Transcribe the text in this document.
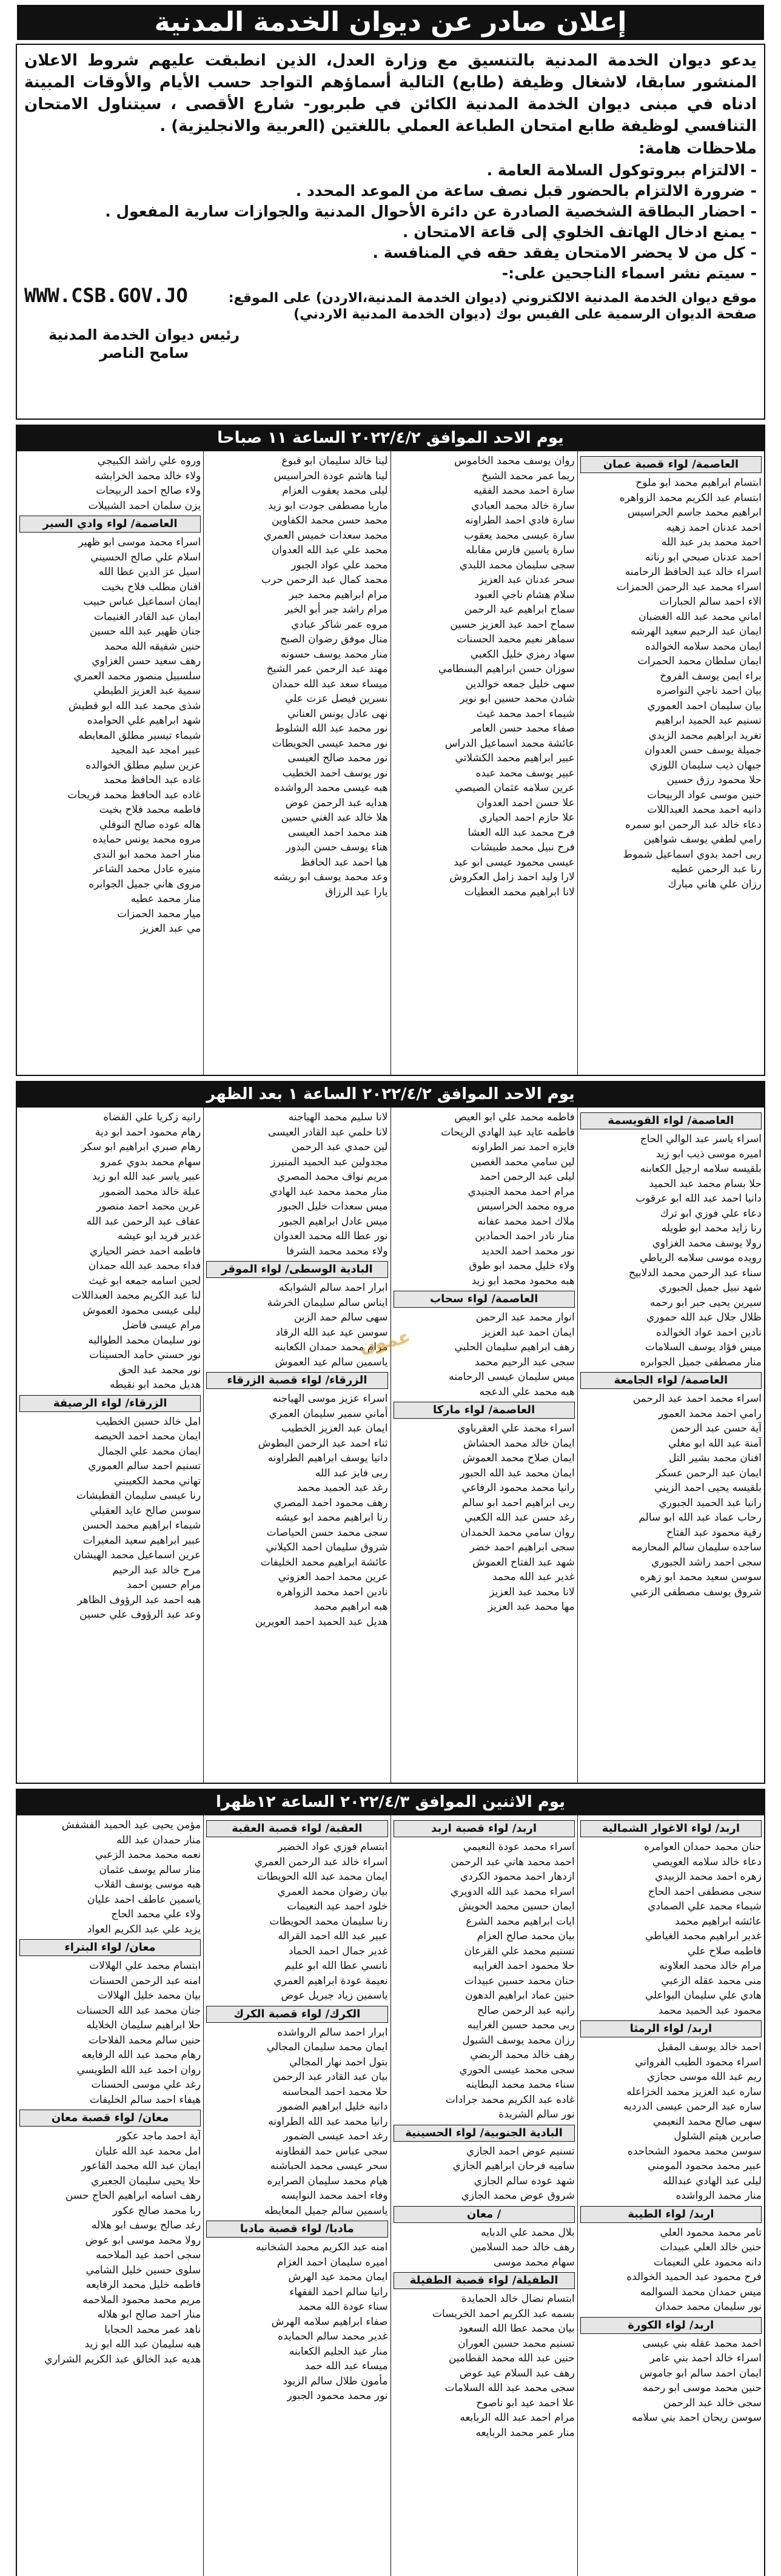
إعلان صادر عن ديوان الخدمة المدنية

يدعو ديوان الخدمة المدنية بالتنسيق مع وزارة العدل، الذين انطبقت عليهم شروط الاعلان المنشور سابقا، لاشغال وظيفة (طابع) التالية أسماؤهم التواجد حسب الأيام والأوقات المبينة ادناه في مبنى ديوان الخدمة المدنية الكائن في طبربور- شارع الأقصى ، سيتناول الامتحان التنافسي لوظيفة طابع امتحان الطباعة العملي باللغتين (العربية والانجليزية) .

ملاحظات هامة:
- الالتزام ببروتوكول السلامة العامة .
- ضرورة الالتزام بالحضور قبل نصف ساعة من الموعد المحدد .
- احضار البطاقة الشخصية الصادرة عن دائرة الأحوال المدنية والجوازات سارية المفعول .
- يمنع ادخال الهاتف الخلوي إلى قاعة الامتحان .
- كل من لا يحضر الامتحان يفقد حقه في المنافسة .
- سيتم نشر اسماء الناجحين على:-
موقع ديوان الخدمة المدنية الالكتروني (ديوان الخدمة المدنية،الاردن) على الموقع:
WWW.CSB.GOV.JO
صفحة الديوان الرسمية على الفيس بوك (ديوان الخدمة المدنية الاردني)
رئيس ديوان الخدمة المدنية
سامح الناصر
يوم الاحد الموافق ٢٠٢٢/٤/٢ الساعة ١١ صباحا
العاصمة/ لواء قصبة عمان
ابتسام ابراهيم محمد ابو ملوح
ابتسام عبد الكريم محمد الزواهره
ابراهيم محمد جاسم الحراسيس
احمد عدنان احمد زهيه
احمد محمد بدر عبد الله
احمد عدنان صبحي ابو رنانه
اسراء خالد عبد الحافظ الرحامنه
اسراء محمد عبد الرحمن الحمزات
الاء احمد سالم الجبارات
اماني محمد عبد الله الغضبان
ايمان عبد الرحيم سعيد الهرشه
ايمان محمد سلامه الخوالده
ايمان سلطان محمد الحمرات
براء ايمن يوسف الفروخ
بيان احمد ناجي النواصره
بيان سليمان احمد العموري
تسنيم عبد الحميد ابراهيم
تغريد ابراهيم محمد الزيدي
جميلة يوسف حسن العدوان
جيهان ذيب سليمان اللوزي
حلا محمود رزق حسين
حنين موسى عواد الربيحات
دانيه احمد محمد العبداللات
دعاء خالد عبد الرحمن ابو سمره
رامي لطفي يوسف شواهين
ربى احمد بدوي اسماعيل شموط
رنا عبد الرحمن عطيه
رزان علي هاني مبارك
روان يوسف محمد الخاموس
ريما عمر محمد الشيخ
سارة احمد محمد الفقيه
سارة خالد محمد العبادي
سارة فادي احمد الطراونه
سارة عيسى محمد يعقوب
سارة ياسين فارس مقابله
سجى سليمان محمد اللبدي
سحر عدنان عبد العزيز
سلام هشام ناجي العبود
سماح ابراهيم عبد الرحمن
سماح احمد عبد العزيز حسين
سماهر نعيم محمد الحسنات
سهاد رمزي خليل الكعبي
سوزان حسن ابراهيم البسطامي
سهى خليل جمعه خوالدين
شادن محمد حسين ابو نوير
شيماء احمد محمد غيث
صفاء محمد حسن العامر
عائشة محمد اسماعيل الدراس
عبير ابراهيم محمد الكشلاتي
عبير يوسف محمد عبده
عرين سلامه عثمان الصيصي
علا حسن احمد العدوان
علا حازم احمد الحياري
فرح محمد عبد الله العشا
فرح نبيل محمد طبيشات
عيسى محمود عيسى ابو عيد
لارا وليد احمد زامل العكروش
لانا ابراهيم محمد العطيات
لينا خالد سليمان ابو قبوع
لينا هاشم عودة الحراسيس
ليلى محمد يعقوب العزام
ماريا مصطفى جودت ابو زيد
محمد حسن محمد الكفاوين
محمد سعدات خميس العمري
محمد علي عبد الله العدوان
محمد علي عواد الجبور
محمد كمال عبد الرحمن حرب
مرام ابراهيم محمد جبر
مرام راشد جبر أبو الخير
مروه عمر شاكر عبادي
منال موفق رضوان الصبح
منار محمد يوسف حسونه
مهند عبد الرحمن عمر الشيخ
ميساء سعد عبد الله حمدان
نسرين فيصل عزت علي
نهى عادل يونس العناني
نور محمد عبد الله الشلوط
نور محمد عيسى الحويطات
نور محمد صالح العيسى
نور يوسف احمد الخطيب
هبه عيسى محمد الرواشده
هدايه عبد الرحمن عوض
هلا خالد عبد الغني حسين
هند محمد احمد العيسى
هناء يوسف حسن البدور
هيا احمد عبد الحافظ
وعد محمد يوسف ابو ريشه
يارا عبد الرزاق
وروه علي راشد الكبيجي
ولاء خالد محمد الخرابشه
ولاء صالح احمد الربيحات
يزن سلمان احمد الشبيلات
العاصمة/ لواء وادي السير
اسراء محمد موسى ابو ظهير
اسلام علي صالح الحسيني
اسيل عز الدين عطا الله
افنان مطلب فلاح بخيت
ايمان اسماعيل عباس حبيب
ايمان عبد القادر الغنيمات
جنان ظهير عبد الله حسين
حنين شفيقه الله محمد
رهف سعيد حسن الغزاوي
سلسبيل منصور محمد العمري
سمية عبد العزيز الطيطي
شذى محمد عبد الله ابو قطيش
شهد ابراهيم علي الحوامده
شيماء تيسير مطلق المعايطه
عبير امجد عبد المجيد
عرين سليم مطلق الخوالده
غاده عبد الحافظ محمد
غاده عبد الحافظ محمد فريحات
فاطمه محمد فلاح بخيت
هاله عوده صالح النوفلي
مروه محمد يونس حمايده
منار احمد محمد ابو الندى
منيره عادل محمد الشاعر
مروى هاني جميل الجوابره
منار محمد عطيه
ميار محمد الحمزات
مي عبد العزيز
يوم الاحد الموافق ٢٠٢٢/٤/٢ الساعة ١ بعد الظهر
العاصمة/ لواء القويسمة
اسراء ياسر عبد الوالي الحاج
اميره موسى ذيب ابو زيد
بلقيسه سلامه ارجيل الكعابنه
حلا بسام محمد عبد الحميد
دانيا احمد عبد الله ابو عرقوب
دعاء علي فوزي ابو ترك
رنا زايد محمد ابو طويله
رولا يوسف محمد الغزاوي
رويده موسى سلامه الرياطي
سناء عبد الرحمن محمد الدلابيح
شهد نبيل جميل الجبوري
سيرين يحيى جبر ابو رحمه
ظلال جلال عبد الله حموري
نادين احمد عواد الخوالده
ميس فؤاد يوسف السلامات
منار مصطفى جميل الجوابره
العاصمة/ لواء الجامعة
اسراء محمد احمد عبد الرحمن
رامي احمد محمد العمور
آية حسن عبد الرحمن
آمنة عبد الله ابو مغلي
افنان محمد بشير التل
ايمان عبد الرحمن عسكر
بلقيسه يحيى احمد الزيني
رانيا عبد الحميد الجبوري
رحاب عماد عبد الله ابو سالم
رقية محمود عبد الفتاح
ساجده سليمان سالم المحارمه
سجى احمد راشد الجبوري
سوسن سعيد محمد ابو زهره
شروق يوسف مصطفى الزعبي
فاطمه محمد علي ابو العيص
فاطمه عايد عبد الهادي الريحات
فايزه احمد نمر الطراونه
لين سامي محمد الغصين
ليلى عبد الرحمن احمد
مرام احمد محمد الجنيدي
مروه محمد الحراسيس
ملاك احمد محمد عفانه
منار نادر احمد الحمادين
نور محمد احمد الحديد
ولاء خليل محمد ابو طوق
هبه محمود محمد ابو زيد
العاصمة/ لواء سحاب
انوار محمد عبد الرحمن
ايمان احمد عبد العزيز
رهف ابراهيم سليمان الحلبي
سجى عبد الرحيم محمد
ميس سليمان عيسى الرحامنه
هبه محمد علي الدعجه
العاصمة/ لواء ماركا
اسراء محمد علي العقرباوي
ايمان خالد محمد الحشاش
ايمان صلاح محمد العموش
ايمان محمد عبد الله الجبور
رانيا محمد محمود الرفاعي
ربى ابراهيم احمد ابو سالم
رغد حسن عبد الله الكعبي
روان سامي محمد الحمدان
سجى ابراهيم احمد خضر
شهد عبد الفتاح العموش
غدير عبد الله محمد
لانا محمد عبد العزيز
مها محمد عبد العزيز
لانا سليم محمد الهياجنه
لانا حلمي عبد القادر العيسى
لين حمدي عبد الرحمن
مجدولين عبد الحميد المنيرز
مريم نواف محمد المصري
منار محمد محمد عبد الهادي
ميس سعدات خليل الجبور
ميس عادل ابراهيم الجبور
نور عطا الله محمد العدوان
ولاء محمد محمد الشرفا
البادية الوسطى/ لواء الموقر
ابرار احمد سالم الشوابكه
ايناس سالم سليمان الخرشة
سهى سالم حمد الزبن
سوسن عيد عبد الله الرقاد
مرام محمد حمدان الكعابنه
ياسمين سالم عيد العموش
الزرقاء/ لواء قصبة الزرقاء
اسراء عزيز موسى الهياجنه
أماني سمير سليمان العمري
ايمان عبد العزيز الخطيب
ثناء احمد عبد الرحمن البطوش
دانيا يوسف ابراهيم الطراونه
ربى فايز عبد الله
رغد عبد الحميد محمد
رهف محمود احمد المصري
رنا ابراهيم محمد ابو عيشه
سجى محمد حسن الحياصات
شروق سليمان احمد الكيلاني
عائشة ابراهيم محمد الخليفات
عرين محمد احمد العزوني
نادين احمد محمد الزواهره
هبه ابراهيم محمد
هديل عبد الحميد احمد العويرين
رانيه زكريا علي القضاه
رهام محمود احمد ابو دية
رهام صبري ابراهيم ابو سكر
سهام محمد بدوي عمرو
عبير ياسر عبد الله ابو زيد
عبلة خالد محمد الضمور
عرين محمد احمد منصور
عفاف عبد الرحمن عبد الله
غدير فريد ابو عيشه
فاطمه احمد خضر الحياري
فداء محمد عبد الله حمدان
لجين اسامه جمعه ابو غيث
لنا عبد الكريم محمد العبداللات
ليلى عيسى محمود العموش
مرام عيسى فاضل
نور سليمان محمد الطوالبه
نور حسني حامد الحسينات
نور محمد عبد الحق
هديل محمد ابو نقيطه
الزرقاء/ لواء الرصيفة
امل خالد حسين الخطيب
ايمان محمد احمد الحيصه
ايمان محمد علي الجمال
تسنيم احمد سالم العموري
تهاني محمد الكعيبني
رنا عيسى سليمان القطيشات
سوسن صالح عايد العقيلي
شيماء ابراهيم محمد الحسن
عبير ابراهيم سعيد المغيرات
عرين اسماعيل محمد الهيشان
مرح خالد عبد الرحيم
مرام حسين احمد
هبه احمد عبد الرؤوف الظاهر
وعد عبد الرؤوف علي حسين
يوم الاثنين الموافق ٢٠٢٢/٤/٣ الساعة ١٢ظهرا
اربد/ لواء الاغوار الشمالية
حنان محمد حمدان العوامره
دعاء خالد سلامه العويصي
زهره احمد محمد الزبيدي
سجى مصطفى احمد الحاج
شيماء محمد علي الصمادي
عائشه ابراهيم محمد
غدير ابراهيم محمد الغياطي
فاطمه صلاح علي
مرام خالد محمد العلاونه
منى محمد عقله الزعبي
هادي علي سليمان البواعلي
محمود عبد الحميد محمد
اربد/ لواء الرمثا
احمد خالد يوسف المقبل
اسراء محمود الطيب الفرواني
ريم عبد الله موسى حجازي
ساره عبد العزيز محمد الخزاعله
ساره عبد الرحمن عيسى الدرديه
سهى صالح محمد النعيمي
صابرين هيثم الشلول
سوسن محمد محمود الشحاحده
عبير محمد محمود المومني
ليلى عبد الهادي عبدالله
منار محمد الرواشده
اربد/ لواء الطيبة
تامر محمد محمود العلي
حنين خالد العلي عبيدات
دانه محمود علي النعيمات
فرح محمود عبد الحميد الخوالده
ميس حمدان محمد السوالمه
نور سليمان محمد حمدان
اربد/ لواء الكورة
احمد محمد عقله بني عيسى
اسراء خالد احمد بني عامر
ايمان احمد سالم ابو جاموس
حنين محمد موسى ابو رحمه
سجى خالد عبد الرحمن
سوسن ريحان احمد بني سلامه
اربد/ لواء قصبة اربد
اسراء محمد عودة النعيمي
احمد محمد هاني عبد الرحمن
ازدهار احمد محمود الكردي
اسراء محمد عبد الله الدويري
ايمان حسين محمد الحويش
ايات ابراهيم محمد الشرع
بيان محمد صالح العزام
تسنيم محمد علي القرعان
حلا محمود احمد الغرايبه
حنان محمد حسين عبيدات
حنين عماد ابراهيم الدهون
رانيه عبد الرحمن صالح
ربى محمد حسين الغرايبه
رزان محمد يوسف الشبول
رهف خالد محمد الربضي
سجى محمد عيسى الحوري
سناء محمد محمد البطاينه
غاده عبد الكريم محمد جرادات
نور سالم الشريدة
البادية الجنوبية/ لواء الحسينية
تسنيم عوض احمد الجازي
ساميه فرحان ابراهيم الجازي
شهد عوده سالم الجازي
شروق عوض محمد الجازي
/ معان
بلال محمد علي الدبايه
رهف خالد حمد السلامين
سهام محمد موسى
الطفيلة/ لواء قصبة الطفيلة
ابتسام نضال خالد الحمايدة
بسمه عبد الكريم احمد الخريسات
بيان محمد عطا الله السعود
تسنيم محمد حسين العوران
حنين عبد الله محمد القطامين
رهف عبد السلام عيد عوض
سجى محمد عبد الله السلامات
علا احمد عيد ابو ناصوح
مرام احمد عبد الله الربابعه
منار عمر محمد الربايعه
العقبة/ لواء قصبة العقبة
ابتسام فوزي عواد الخضير
اسراء خالد عبد الرحمن العمري
ايمان محمد عبد الله الحويطات
بيان رضوان محمد العمري
خلود احمد عيد النعيمات
رنا سليمان محمد الحويطات
عبير عبد الله احمد القراله
غدير جمال احمد الحماد
نانسي عطا الله ابو عليم
نعيمة عودة ابراهيم العمري
ياسمين زياد جبريل عوض
الكرك/ لواء قصبة الكرك
ابرار احمد سالم الرواشده
ايمان محمد سليمان المجالي
بتول احمد نهار المجالي
بيان عبد القادر عبد الرحمن
حلا محمد احمد المحاسنه
دانيه خليل ابراهيم الضمور
رانيا محمد عبد الله الطراونه
رغد احمد عيسى الضمور
سجى عباس حمد القطاونه
سحر عيسى محمد الحباشنه
هيام محمد سليمان الصرايره
وفاء احمد محمد النوايسه
ياسمين سالم جميل المعايطه
مادبا/ لواء قصبة مادبا
امنه عبد الكريم محمد الشخانبه
اميره سليمان احمد العزام
ايمان محمد عيد الهرش
رانيا سالم احمد الفقهاء
سناء عودة الله محمد
صفاء ابراهيم سلامه الهرش
غدير محمد سالم الحمايده
منار عبد الحليم الكعابنه
ميساء عبد الله حمد
مأمون طلال سالم الزيود
نور محمد محمود الجبور
مؤمن يحيى عيد الحميد الفشفش
منار حمدان عبد الله
نعمه محمد محمد الزعبي
منار سالم يوسف عثمان
هبه موسى يوسف القلاب
ياسمين عاطف احمد عليان
ولاء علي محمد الحاج
يزيد علي عبد الكريم العواد
معان/ لواء البتراء
ابتسام محمد علي الهلالات
امنه عبد الرحمن الحسنات
بيان محمد خليل الهلالات
جنان محمد عبد الله الحسنات
حلا ابراهيم سليمان الخلايله
حنين سالم محمد الفلاحات
رهام محمد عبد الله الرفايعه
روان احمد عبد الله الطويسي
رغد علي موسى الحسنات
هيفاء احمد سالم الخليفات
معان/ لواء قصبة معان
آية احمد ماجد عكور
امل محمد عبد الله عليان
ايمان عبد الله محمد القاعور
حلا يحيى سليمان الجعبري
رهف اسامه ابراهيم الحاج حسن
ربا محمد صالح عكور
رغد صالح يوسف ابو هلاله
رولا محمد موسى ابو عوض
سجى احمد عيد الملاحمه
سلوى حسين خليل الشامي
فاطمه خليل محمد الرفايعه
مريم محمد محمود الملاحمه
منار احمد صالح ابو هلاله
ناهد عمر محمد الحجايا
هبه سليمان عبد الله ابو زيد
هديه عبد الخالق عبد الكريم الشراري
عمون
